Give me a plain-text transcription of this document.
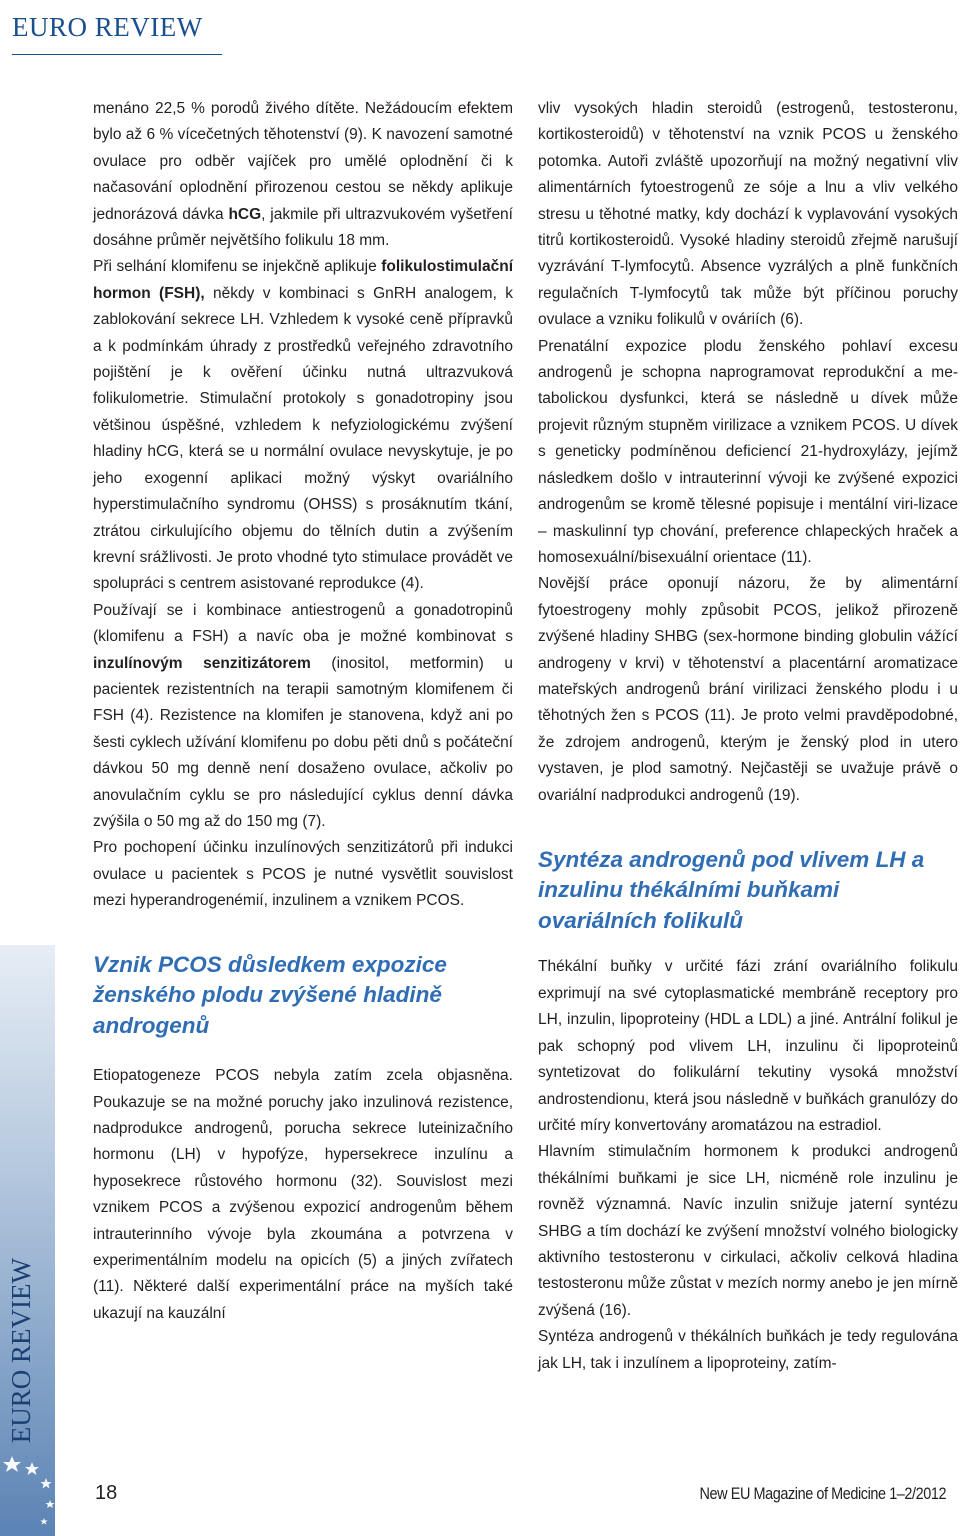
EURO REVIEW
EURO REVIEW

menáno 22,5 % porodů živého dítěte. Nežádoucím efektem bylo až 6 % vícečetných těhotenství (9). K navození samotné ovulace pro odběr vajíček pro umělé oplodnění či k načasování oplodnění přirozenou cestou se někdy aplikuje jednorázová dávka hCG, jakmile při ultrazvukovém vyšetření dosáhne průměr největšího folikulu 18 mm.

Při selhání klomifenu se injekčně aplikuje folikulostimulační hormon (FSH), někdy v kombinaci s GnRH analogem, k zablokování sekrece LH. Vzhledem k vysoké ceně přípravků a k podmínkám úhrady z prostředků veřejného zdravotního pojištění je k ověření účinku nutná ultrazvuková folikulometrie. Stimulační protokoly s gonadotropiny jsou většinou úspěšné, vzhledem k nefyziologickému zvýšení hladiny hCG, která se u normální ovulace nevyskytuje, je po jeho exogenní aplikaci možný výskyt ovariálního hyperstimulačního syndromu (OHSS) s prosáknutím tkání, ztrátou cirkulujícího objemu do tělních dutin a zvýšením krevní srážlivosti. Je proto vhodné tyto stimulace provádět ve spolupráci s centrem asistované reprodukce (4).

Používají se i kombinace antiestrogenů a gonadotropinů (klomifenu a FSH) a navíc oba je možné kombinovat s inzulínovým senzitizátorem (inositol, metformin) u pacientek rezistentních na terapii samotným klomifenem či FSH (4). Rezistence na klomifen je stanovena, když ani po šesti cyklech užívání klomifenu po dobu pěti dnů s počáteční dávkou 50 mg denně není dosaženo ovulace, ačkoliv po anovulačním cyklu se pro následující cyklus denní dávka zvýšila o 50 mg až do 150 mg (7).

Pro pochopení účinku inzulínových senzitizátorů při indukci ovulace u pacientek s PCOS je nutné vysvětlit souvislost mezi hyperandrogenémií, inzulinem a vznikem PCOS.

Vznik PCOS důsledkem expozice ženského plodu zvýšené hladině androgenů

Etiopatogeneze PCOS nebyla zatím zcela objasněna. Poukazuje se na možné poruchy jako inzulinová rezistence, nadprodukce androgenů, porucha sekrece luteinizačního hormonu (LH) v hypofýze, hypersekrece inzulínu a hyposekrece růstového hormonu (32). Souvislost mezi vznikem PCOS a zvýšenou expozicí androgenům během intrauterinního vývoje byla zkoumána a potvrzena v experimentálním modelu na opicích (5) a jiných zvířatech (11). Některé další experimentální práce na myších také ukazují na kauzální

vliv vysokých hladin steroidů (estrogenů, testosteronu, kortikosteroidů) v těhotenství na vznik PCOS u ženského potomka. Autoři zvláště upozorňují na možný negativní vliv alimentárních fytoestrogenů ze sóje a lnu a vliv velkého stresu u těhotné matky, kdy dochází k vyplavování vysokých titrů kortikosteroidů. Vysoké hladiny steroidů zřejmě narušují vyzrávání T-lymfocytů. Absence vyzrálých a plně funkčních regulačních T-lymfocytů tak může být příčinou poruchy ovulace a vzniku folikulů v ováriích (6).

Prenatální expozice plodu ženského pohlaví excesu androgenů je schopna naprogramovat reprodukční a me-tabolickou dysfunkci, která se následně u dívek může projevit různým stupněm virilizace a vznikem PCOS. U dívek s geneticky podmíněnou deficiencí 21-hydroxylázy, jejímž následkem došlo v intrauterinní vývoji ke zvýšené expozici androgenům se kromě tělesné popisuje i mentální viri-lizace – maskulinní typ chování, preference chlapeckých hraček a homosexuální/bisexuální orientace (11).

Novější práce oponují názoru, že by alimentární fytoestrogeny mohly způsobit PCOS, jelikož přirozeně zvýšené hladiny SHBG (sex-hormone binding globulin vážící androgeny v krvi) v těhotenství a placentární aromatizace mateřských androgenů brání virilizaci ženského plodu i u těhotných žen s PCOS (11). Je proto velmi pravděpodobné, že zdrojem androgenů, kterým je ženský plod in utero vystaven, je plod samotný. Nejčastěji se uvažuje právě o ovariální nadprodukci androgenů (19).

Syntéza androgenů pod vlivem LH a inzulinu thékálními buňkami ovariálních folikulů

Thékální buňky v určité fázi zrání ovariálního folikulu exprimují na své cytoplasmatické membráně receptory pro LH, inzulin, lipoproteiny (HDL a LDL) a jiné. Antrální folikul je pak schopný pod vlivem LH, inzulinu či lipoproteinů syntetizovat do folikulární tekutiny vysoká množství androstendionu, která jsou následně v buňkách granulózy do určité míry konvertovány aromatázou na estradiol.

Hlavním stimulačním hormonem k produkci androgenů thékálními buňkami je sice LH, nicméně role inzulinu je rovněž významná. Navíc inzulin snižuje jaterní syntézu SHBG a tím dochází ke zvýšení množství volného biologicky aktivního testosteronu v cirkulaci, ačkoliv celková hladina testosteronu může zůstat v mezích normy anebo je jen mírně zvýšená (16).

Syntéza androgenů v thékálních buňkách je tedy regulována jak LH, tak i inzulínem a lipoproteiny, zatím-

18	New EU Magazine of Medicine 1–2/2012
